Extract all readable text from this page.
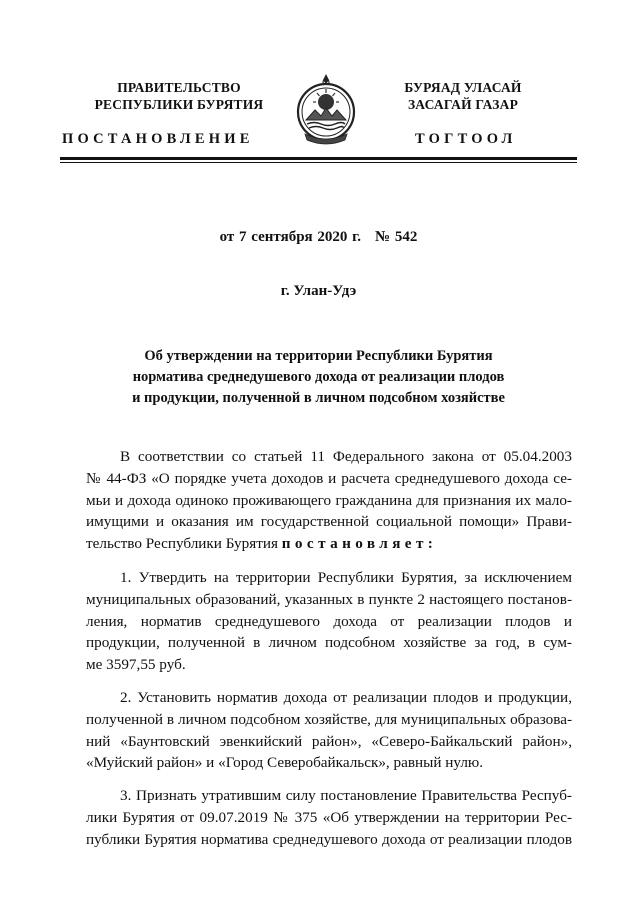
ПРАВИТЕЛЬСТВО
РЕСПУБЛИКИ БУРЯТИЯ
БУРЯАД УЛАСАЙ
ЗАСАГАЙ ГАЗАР
ПОСТАНОВЛЕНИЕ	ТОГТООЛ
от 7 сентября 2020 г. № 542
г. Улан-Удэ
Об утверждении на территории Республики Бурятия
норматива среднедушевого дохода от реализации плодов
и продукции, полученной в личном подсобном хозяйстве
В соответствии со статьей 11 Федерального закона от 05.04.2003
№ 44-ФЗ «О порядке учета доходов и расчета среднедушевого дохода се-
мьи и дохода одиноко проживающего гражданина для признания их мало-
имущими и оказания им государственной социальной помощи» Прави-
тельство Республики Бурятия постановляет:
1. Утвердить на территории Республики Бурятия, за исключением
муниципальных образований, указанных в пункте 2 настоящего постанов-
ления, норматив среднедушевого дохода от реализации плодов и
продукции, полученной в личном подсобном хозяйстве за год, в сум-
ме 3597,55 руб.
2. Установить норматив дохода от реализации плодов и продукции,
полученной в личном подсобном хозяйстве, для муниципальных образова-
ний «Баунтовский эвенкийский район», «Северо-Байкальский район»,
«Муйский район» и «Город Северобайкальск», равный нулю.
3. Признать утратившим силу постановление Правительства Респуб-
лики Бурятия от 09.07.2019 № 375 «Об утверждении на территории Рес-
публики Бурятия норматива среднедушевого дохода от реализации плодов
